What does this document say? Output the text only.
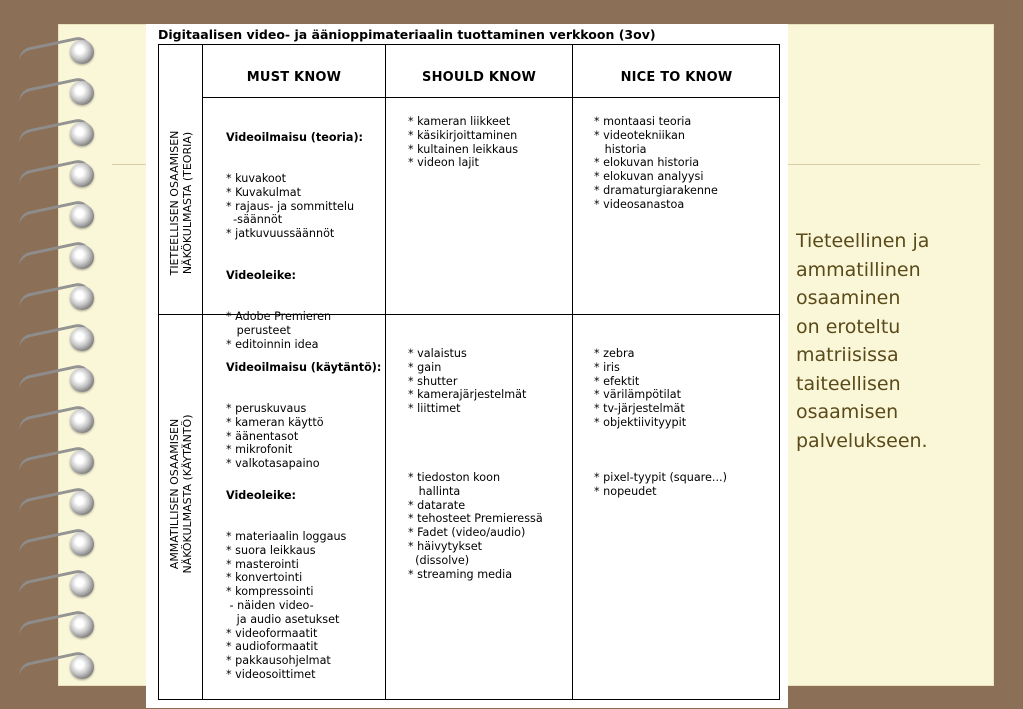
Digitaalisen video- ja äänioppimateriaalin tuottaminen verkkoon (3ov)
MUST KNOW	SHOULD KNOW	NICE TO KNOW
TIETEELLISEN OSAAMISEN NÄKÖKULMASTA (TEORIA)
AMMATILLISEN OSAAMISEN NÄKÖKULMASTA (KÄYTÄNTÖ)

Videoilmaisu (teoria):

* kuvakoot
* Kuvakulmat
* rajaus- ja sommittelu
-säännöt
* jatkuvuussäännöt

Videoleike:

* Adobe Premieren
perusteet
* editoinnin idea

* kameran liikkeet
* käsikirjoittaminen
* kultainen leikkaus
* videon lajit
* montaasi teoria
* videotekniikan
historia
* elokuvan historia
* elokuvan analyysi
* dramaturgiarakenne
* videosanastoa

Videoilmaisu (käytäntö):

* peruskuvaus
* kameran käyttö
* äänentasot
* mikrofonit
* valkotasapaino

Videoleike:

* materiaalin loggaus
* suora leikkaus
* masterointi
* konvertointi
* kompressointi
- näiden video-
ja audio asetukset
* videoformaatit
* audioformaatit
* pakkausohjelmat
* videosoittimet

* valaistus
* gain
* shutter
* kamerajärjestelmät
* liittimet
* tiedoston koon
hallinta
* datarate
* tehosteet Premieressä
* Fadet (video/audio)
* häivytykset
(dissolve)
* streaming media
* zebra
* iris
* efektit
* värilämpötilat
* tv-järjestelmät
* objektiivityypit
* pixel-tyypit (square...)
* nopeudet
Tieteellinen ja
ammatillinen
osaaminen
on eroteltu
matriisissa
taiteellisen
osaamisen
palvelukseen.
